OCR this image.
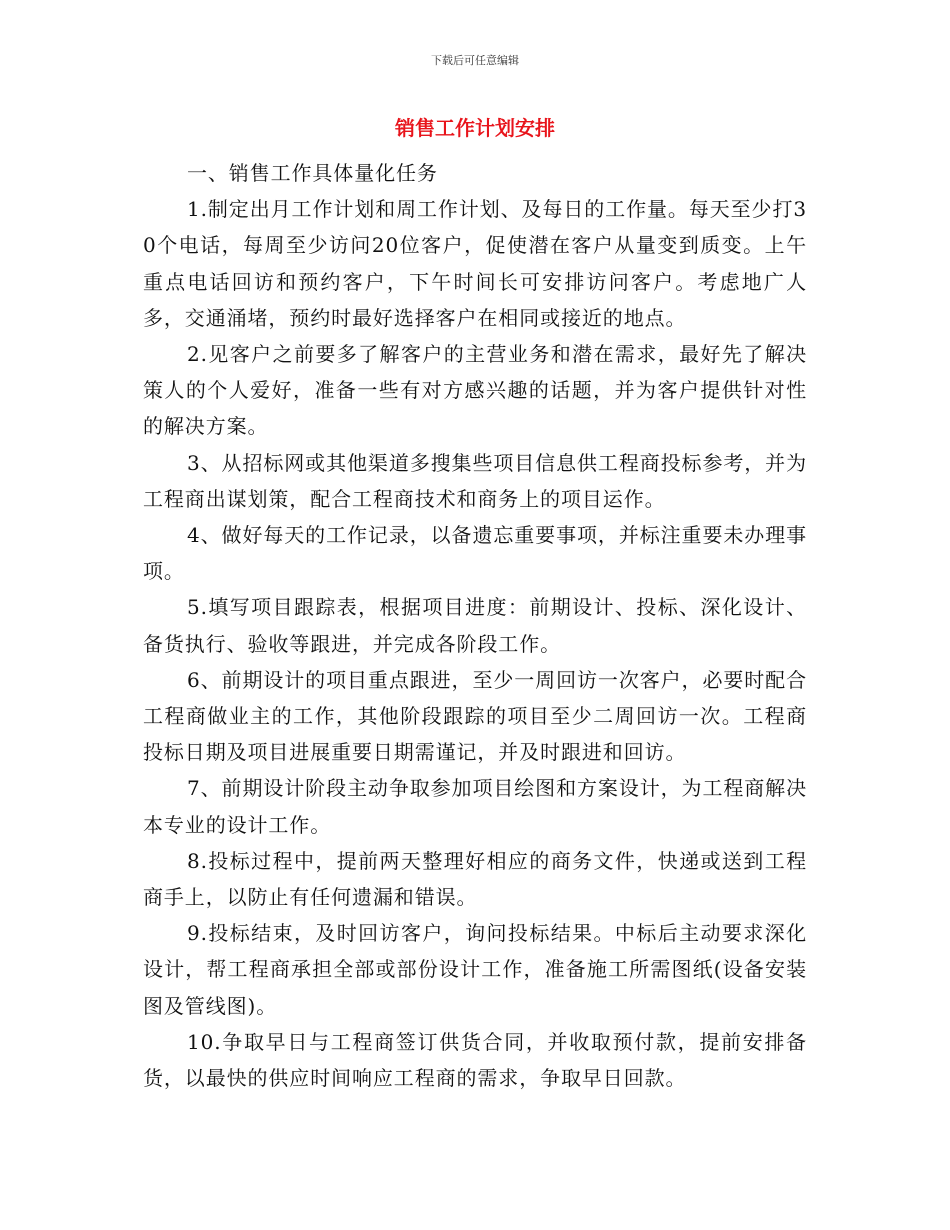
下载后可任意编辑
销售工作计划安排

一、销售工作具体量化任务

1.制定出月工作计划和周工作计划、及每日的工作量。每天至少打30个电话，每周至少访问20位客户，促使潜在客户从量变到质变。上午重点电话回访和预约客户，下午时间长可安排访问客户。考虑地广人多，交通涌堵，预约时最好选择客户在相同或接近的地点。

2.见客户之前要多了解客户的主营业务和潜在需求，最好先了解决策人的个人爱好，准备一些有对方感兴趣的话题，并为客户提供针对性的解决方案。

3、从招标网或其他渠道多搜集些项目信息供工程商投标参考，并为工程商出谋划策，配合工程商技术和商务上的项目运作。

4、做好每天的工作记录，以备遗忘重要事项，并标注重要未办理事项。

5.填写项目跟踪表，根据项目进度：前期设计、投标、深化设计、备货执行、验收等跟进，并完成各阶段工作。

6、前期设计的项目重点跟进，至少一周回访一次客户，必要时配合工程商做业主的工作，其他阶段跟踪的项目至少二周回访一次。工程商投标日期及项目进展重要日期需谨记，并及时跟进和回访。

7、前期设计阶段主动争取参加项目绘图和方案设计，为工程商解决本专业的设计工作。

8.投标过程中，提前两天整理好相应的商务文件，快递或送到工程商手上，以防止有任何遗漏和错误。

9.投标结束，及时回访客户，询问投标结果。中标后主动要求深化设计，帮工程商承担全部或部份设计工作，准备施工所需图纸(设备安装图及管线图)。

10.争取早日与工程商签订供货合同，并收取预付款，提前安排备货，以最快的供应时间响应工程商的需求，争取早日回款。
